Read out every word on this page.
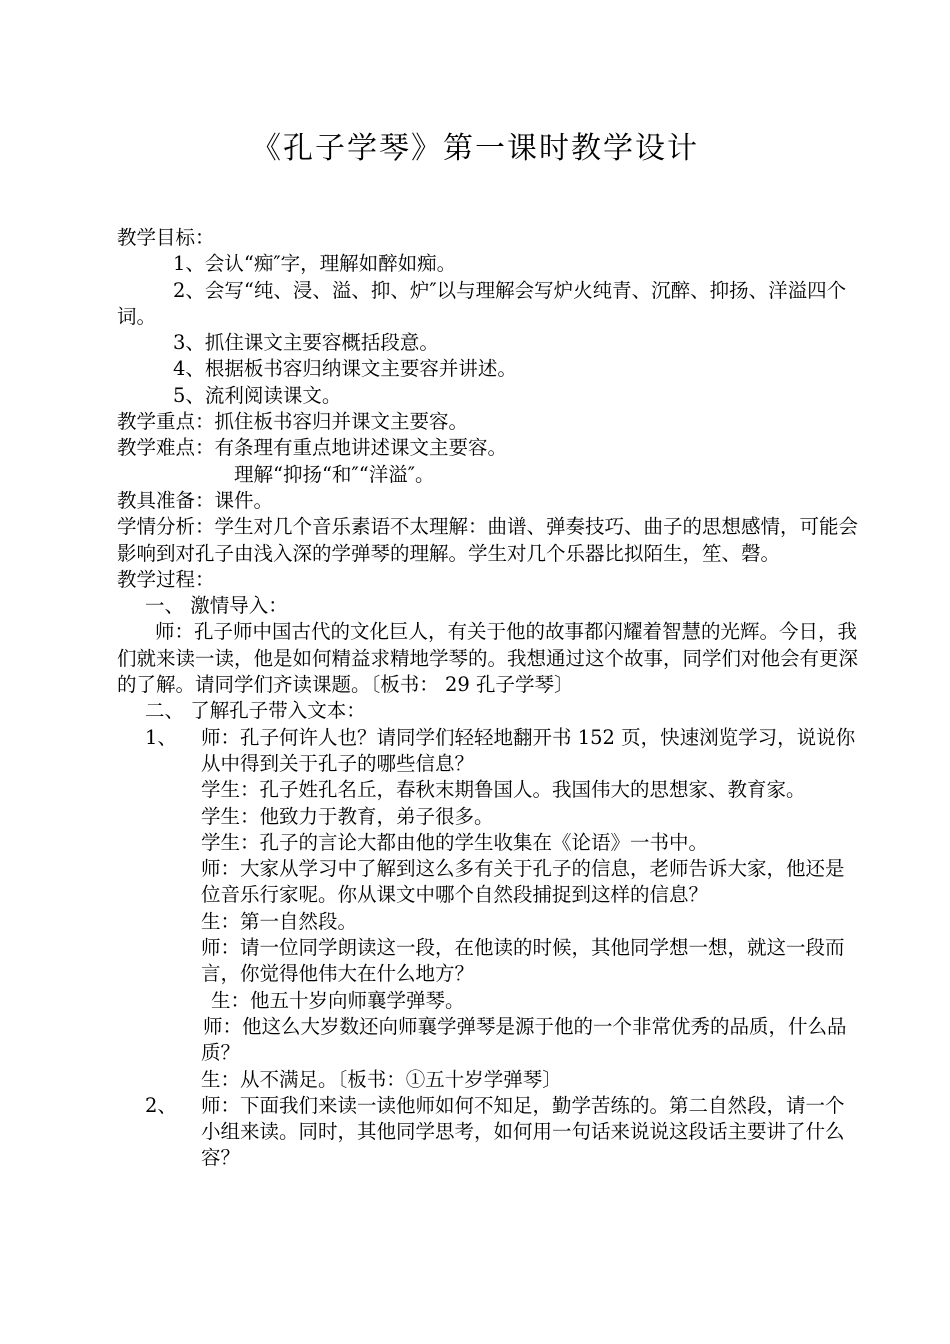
《孔子学琴》第一课时教学设计

教学目标：

1、会认“痴″字，理解如醉如痴。

2、会写“纯、浸、溢、抑、炉″以与理解会写炉火纯青、沉醉、抑扬、洋溢四个词。

3、抓住课文主要容概括段意。

4、根据板书容归纳课文主要容并讲述。

5、流利阅读课文。

教学重点：抓住板书容归并课文主要容。

教学难点：有条理有重点地讲述课文主要容。

理解“抑扬“和″“洋溢″。

教具准备：课件。

学情分析：学生对几个音乐素语不太理解：曲谱、弹奏技巧、曲子的思想感情，可能会影响到对孔子由浅入深的学弹琴的理解。学生对几个乐器比拟陌生，笙、磬。

教学过程：

一、 激情导入：

师：孔子师中国古代的文化巨人，有关于他的故事都闪耀着智慧的光辉。今日，我们就来读一读，他是如何精益求精地学琴的。我想通过这个故事，同学们对他会有更深的了解。请同学们齐读课题。〔板书： 29 孔子学琴〕

二、 了解孔子带入文本：

1、	师：孔子何许人也？请同学们轻轻地翻开书 152 页，快速浏览学习，说说你从中得到关于孔子的哪些信息？

学生：孔子姓孔名丘，春秋末期鲁国人。我国伟大的思想家、教育家。

学生：他致力于教育，弟子很多。

学生：孔子的言论大都由他的学生收集在《论语》一书中。

师：大家从学习中了解到这么多有关于孔子的信息，老师告诉大家，他还是位音乐行家呢。你从课文中哪个自然段捕捉到这样的信息？

生：第一自然段。

师：请一位同学朗读这一段，在他读的时候，其他同学想一想，就这一段而言，你觉得他伟大在什么地方？

生：他五十岁向师襄学弹琴。

师：他这么大岁数还向师襄学弹琴是源于他的一个非常优秀的品质，什么品质？

生：从不满足。〔板书：①五十岁学弹琴〕

2、	师：下面我们来读一读他师如何不知足，勤学苦练的。第二自然段，请一个小组来读。同时，其他同学思考，如何用一句话来说说这段话主要讲了什么容？
